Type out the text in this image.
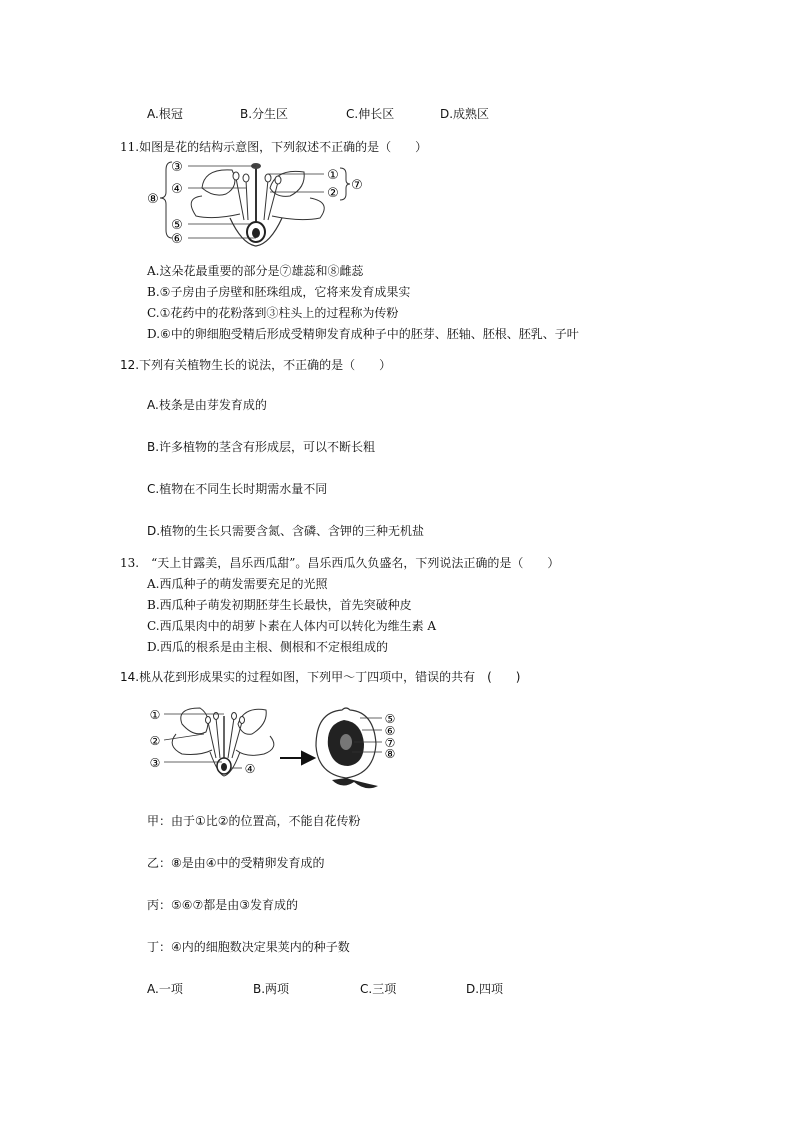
A.根冠	B.分生区	C.伸长区	D.成熟区
11.如图是花的结构示意图，下列叙述不正确的是（　　）
③
④
⑧
⑤
⑥
①
②
⑦
A.这朵花最重要的部分是⑦雄蕊和⑧雌蕊
B.⑤子房由子房壁和胚珠组成，它将来发育成果实
C.①花药中的花粉落到③柱头上的过程称为传粉
D.⑥中的卵细胞受精后形成受精卵发育成种子中的胚芽、胚轴、胚根、胚乳、子叶
12.下列有关植物生长的说法，不正确的是（　　）
A.枝条是由芽发育成的
B.许多植物的茎含有形成层，可以不断长粗
C.植物在不同生长时期需水量不同
D.植物的生长只需要含氮、含磷、含钾的三种无机盐
13.　“天上甘露美，昌乐西瓜甜”。昌乐西瓜久负盛名，下列说法正确的是（　　）
A.西瓜种子的萌发需要充足的光照
B.西瓜种子萌发初期胚芽生长最快，首先突破种皮
C.西瓜果肉中的胡萝卜素在人体内可以转化为维生素 A
D.西瓜的根系是由主根、侧根和不定根组成的
14.桃从花到形成果实的过程如图，下列甲～丁四项中，错误的共有　(　　)
①
②
③	④
⑤
⑥
⑦
⑧
甲：由于①比②的位置高，不能自花传粉
乙：⑧是由④中的受精卵发育成的
丙：⑤⑥⑦都是由③发育成的
丁：④内的细胞数决定果荚内的种子数
A.一项	B.两项	C.三项	D.四项
